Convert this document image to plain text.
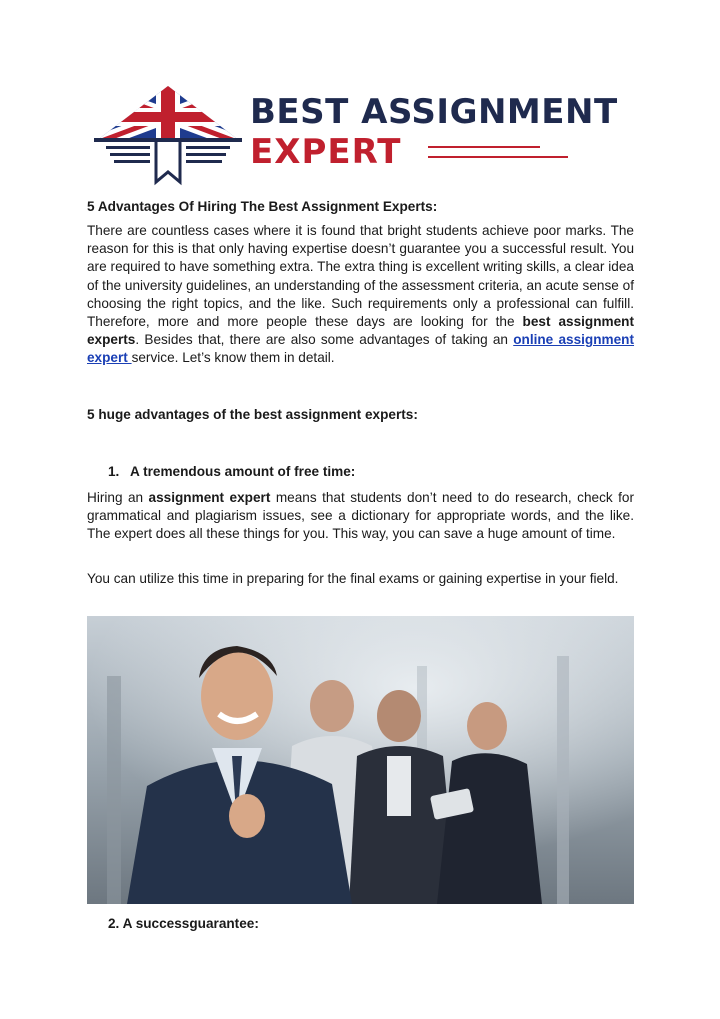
BEST ASSIGNMENT
EXPERT
5 Advantages Of Hiring The Best Assignment Experts:
There are countless cases where it is found that bright students achieve poor marks. The reason for this is that only having expertise doesn’t guarantee you a successful result. You are required to have something extra. The extra thing is excellent writing skills, a clear idea of the university guidelines, an understanding of the assessment criteria, an acute sense of choosing the right topics, and the like. Such requirements only a professional can fulfill. Therefore, more and more people these days are looking for the best assignment experts. Besides that, there are also some advantages of taking an online assignment expert service. Let’s know them in detail.
5 huge advantages of the best assignment experts:
1. A tremendous amount of free time:
Hiring an assignment expert means that students don’t need to do research, check for grammatical and plagiarism issues, see a dictionary for appropriate words, and the like. The expert does all these things for you. This way, you can save a huge amount of time.
You can utilize this time in preparing for the final exams or gaining expertise in your field.
2. A successguarantee:
